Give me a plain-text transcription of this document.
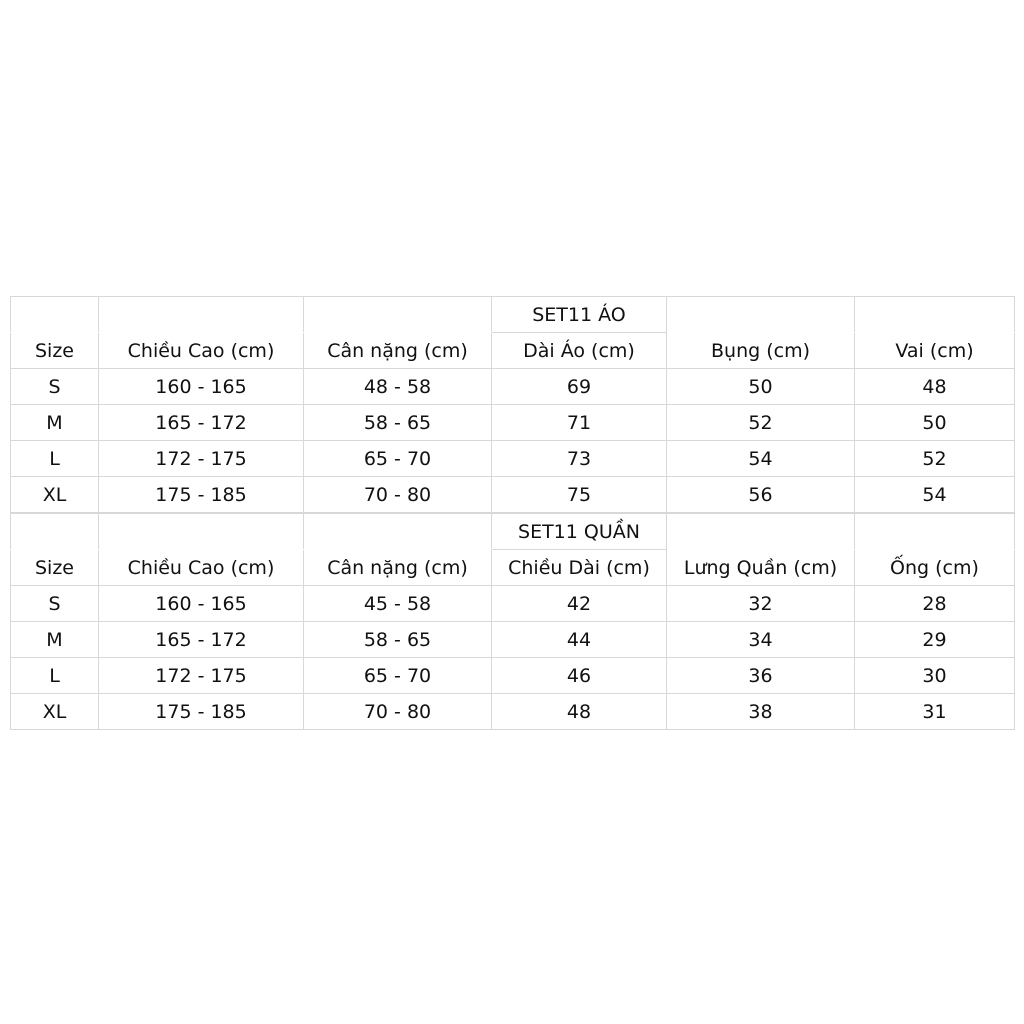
			SET11 ÁO		
Size	Chiều Cao (cm)	Cân nặng (cm)	Dài Áo (cm)	Bụng (cm)	Vai (cm)
S	160 - 165	48 - 58	69	50	48
M	165 - 172	58 - 65	71	52	50
L	172 - 175	65 - 70	73	54	52
XL	175 - 185	70 - 80	75	56	54
			SET11 QUẦN		
Size	Chiều Cao (cm)	Cân nặng (cm)	Chiều Dài (cm)	Lưng Quần (cm)	Ống (cm)
S	160 - 165	45 - 58	42	32	28
M	165 - 172	58 - 65	44	34	29
L	172 - 175	65 - 70	46	36	30
XL	175 - 185	70 - 80	48	38	31
